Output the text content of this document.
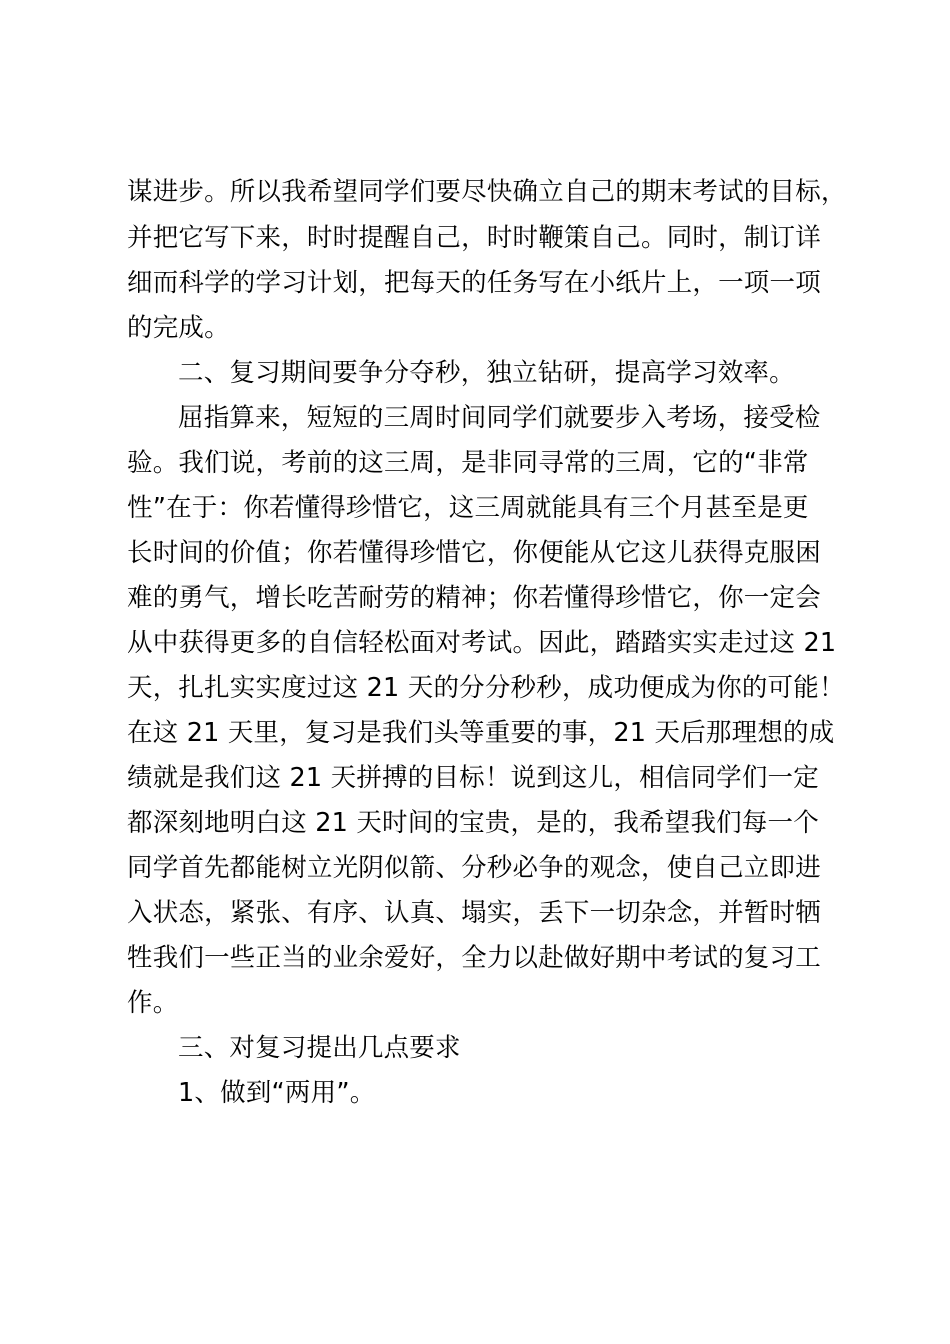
谋进步。所以我希望同学们要尽快确立自己的期末考试的目标，
并把它写下来，时时提醒自己，时时鞭策自己。同时，制订详
细而科学的学习计划，把每天的任务写在小纸片上，一项一项
的完成。
二、复习期间要争分夺秒，独立钻研，提高学习效率。
屈指算来，短短的三周时间同学们就要步入考场，接受检
验。我们说，考前的这三周，是非同寻常的三周，它的“非常
性”在于：你若懂得珍惜它，这三周就能具有三个月甚至是更
长时间的价值；你若懂得珍惜它，你便能从它这儿获得克服困
难的勇气，增长吃苦耐劳的精神；你若懂得珍惜它，你一定会
从中获得更多的自信轻松面对考试。因此，踏踏实实走过这 21
天，扎扎实实度过这 21 天的分分秒秒，成功便成为你的可能！
在这 21 天里，复习是我们头等重要的事，21 天后那理想的成
绩就是我们这 21 天拼搏的目标！说到这儿，相信同学们一定
都深刻地明白这 21 天时间的宝贵，是的，我希望我们每一个
同学首先都能树立光阴似箭、分秒必争的观念，使自己立即进
入状态，紧张、有序、认真、塌实，丢下一切杂念，并暂时牺
牲我们一些正当的业余爱好，全力以赴做好期中考试的复习工
作。
三、对复习提出几点要求
1、做到“两用”。
